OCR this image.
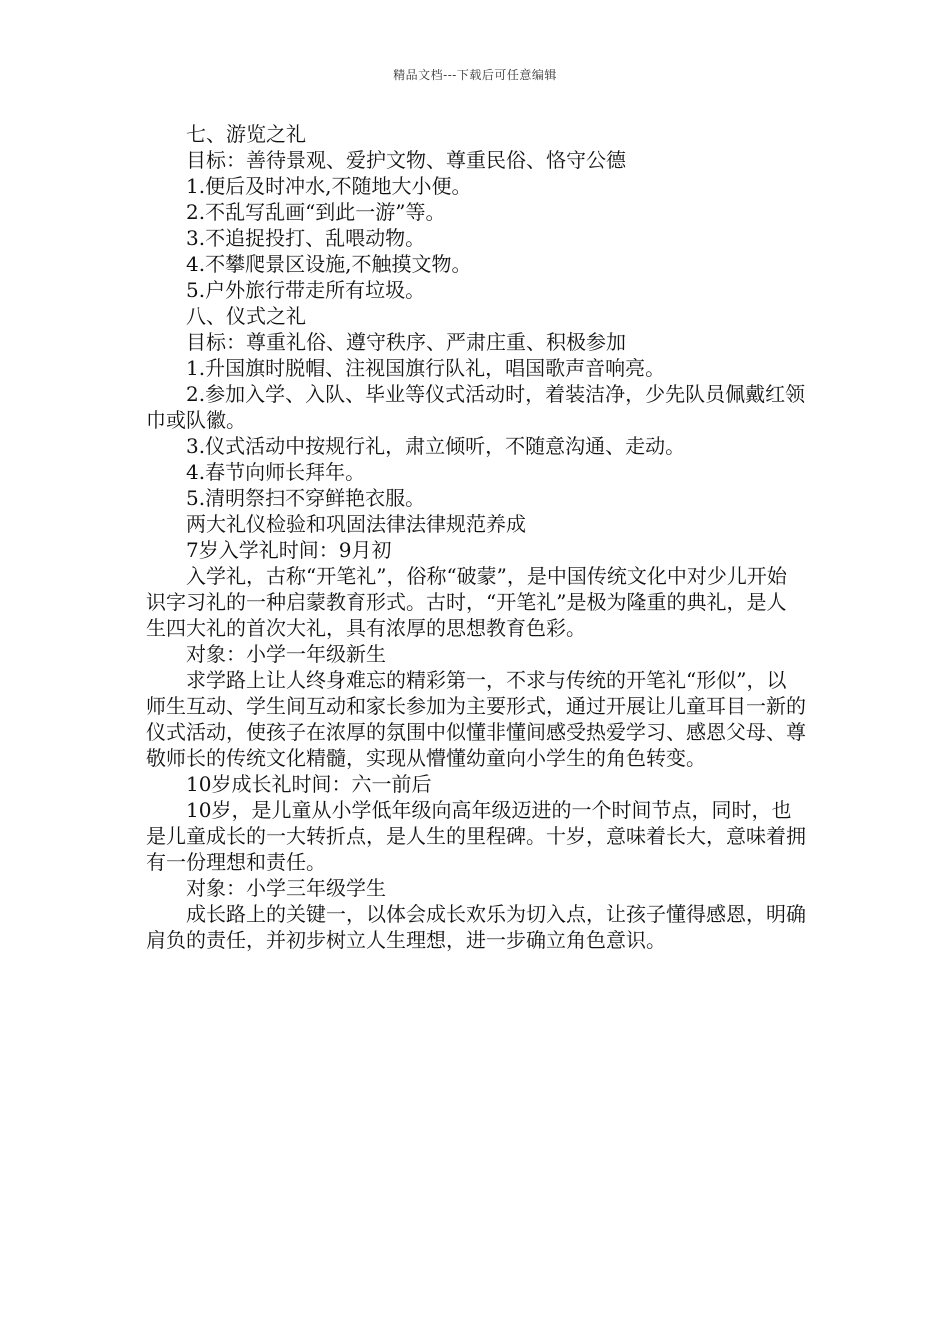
精品文档---下载后可任意编辑

七、游览之礼

目标：善待景观、爱护文物、尊重民俗、恪守公德

1.便后及时冲水,不随地大小便。

2.不乱写乱画“到此一游”等。

3.不追捉投打、乱喂动物。

4.不攀爬景区设施,不触摸文物。

5.户外旅行带走所有垃圾。

八、仪式之礼

目标：尊重礼俗、遵守秩序、严肃庄重、积极参加

1.升国旗时脱帽、注视国旗行队礼，唱国歌声音响亮。

2.参加入学、入队、毕业等仪式活动时，着装洁净，少先队员佩戴红领巾或队徽。

3.仪式活动中按规行礼，肃立倾听，不随意沟通、走动。

4.春节向师长拜年。

5.清明祭扫不穿鲜艳衣服。

两大礼仪检验和巩固法律法律规范养成

7岁入学礼时间：9月初

入学礼，古称“开笔礼”，俗称“破蒙”，是中国传统文化中对少儿开始识字习礼的一种启蒙教育形式。古时，“开笔礼”是极为隆重的典礼，是人生四大礼的首次大礼，具有浓厚的思想教育色彩。

对象：小学一年级新生

求学路上让人终身难忘的精彩第一，不求与传统的开笔礼“形似”，以师生互动、学生间互动和家长参加为主要形式，通过开展让儿童耳目一新的仪式活动，使孩子在浓厚的氛围中似懂非懂间感受热爱学习、感恩父母、尊敬师长的传统文化精髓，实现从懵懂幼童向小学生的角色转变。

10岁成长礼时间：六一前后

10岁，是儿童从小学低年级向高年级迈进的一个时间节点，同时，也是儿童成长的一大转折点，是人生的里程碑。十岁，意味着长大，意味着拥有一份理想和责任。

对象：小学三年级学生

成长路上的关键一，以体会成长欢乐为切入点，让孩子懂得感恩，明确肩负的责任，并初步树立人生理想，进一步确立角色意识。
